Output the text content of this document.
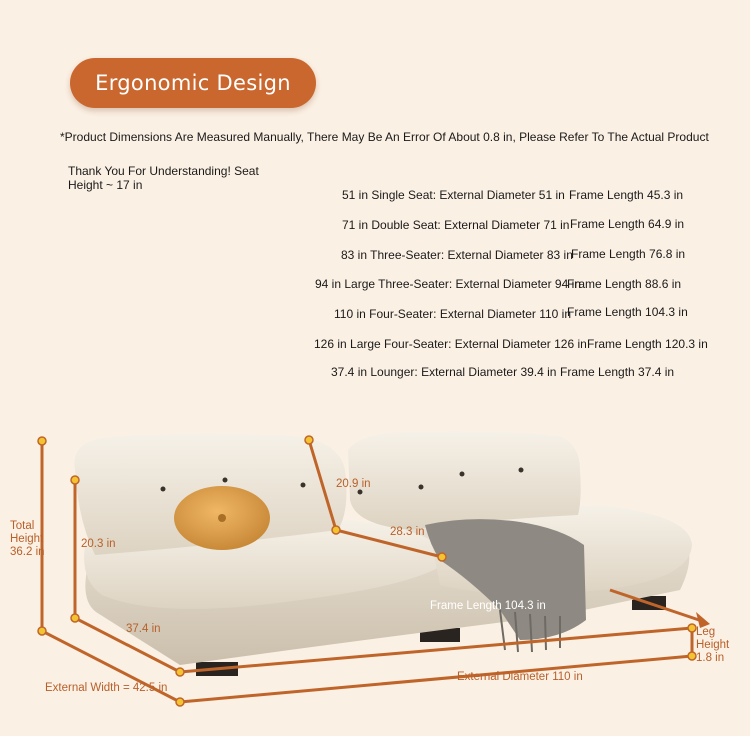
Ergonomic Design
*Product Dimensions Are Measured Manually, There May Be An Error Of About 0.8 in, Please Refer To The Actual Product
Thank You For Understanding! Seat Height ~ 17 in
51 in Single Seat: External Diameter 51 in Frame Length 45.3 in
71 in Double Seat: External Diameter 71 in Frame Length 64.9 in
83 in Three-Seater: External Diameter 83 in
Frame Length 76.8 in
94 in Large Three-Seater: External Diameter 94 in
Frame Length 88.6 in
110 in Four-Seater: External Diameter 110 in
Frame Length 104.3 in
126 in Large Four-Seater: External Diameter 126 in Frame Length 120.3 in
37.4 in Lounger: External Diameter 39.4 in Frame Length 37.4 in
Total Height 36.2 in
20.3 in
20.9 in
28.3 in
37.4 in
Frame Length 104.3 in
External Width = 42.5 in
External Diameter 110 in
Leg Height 1.8 in
